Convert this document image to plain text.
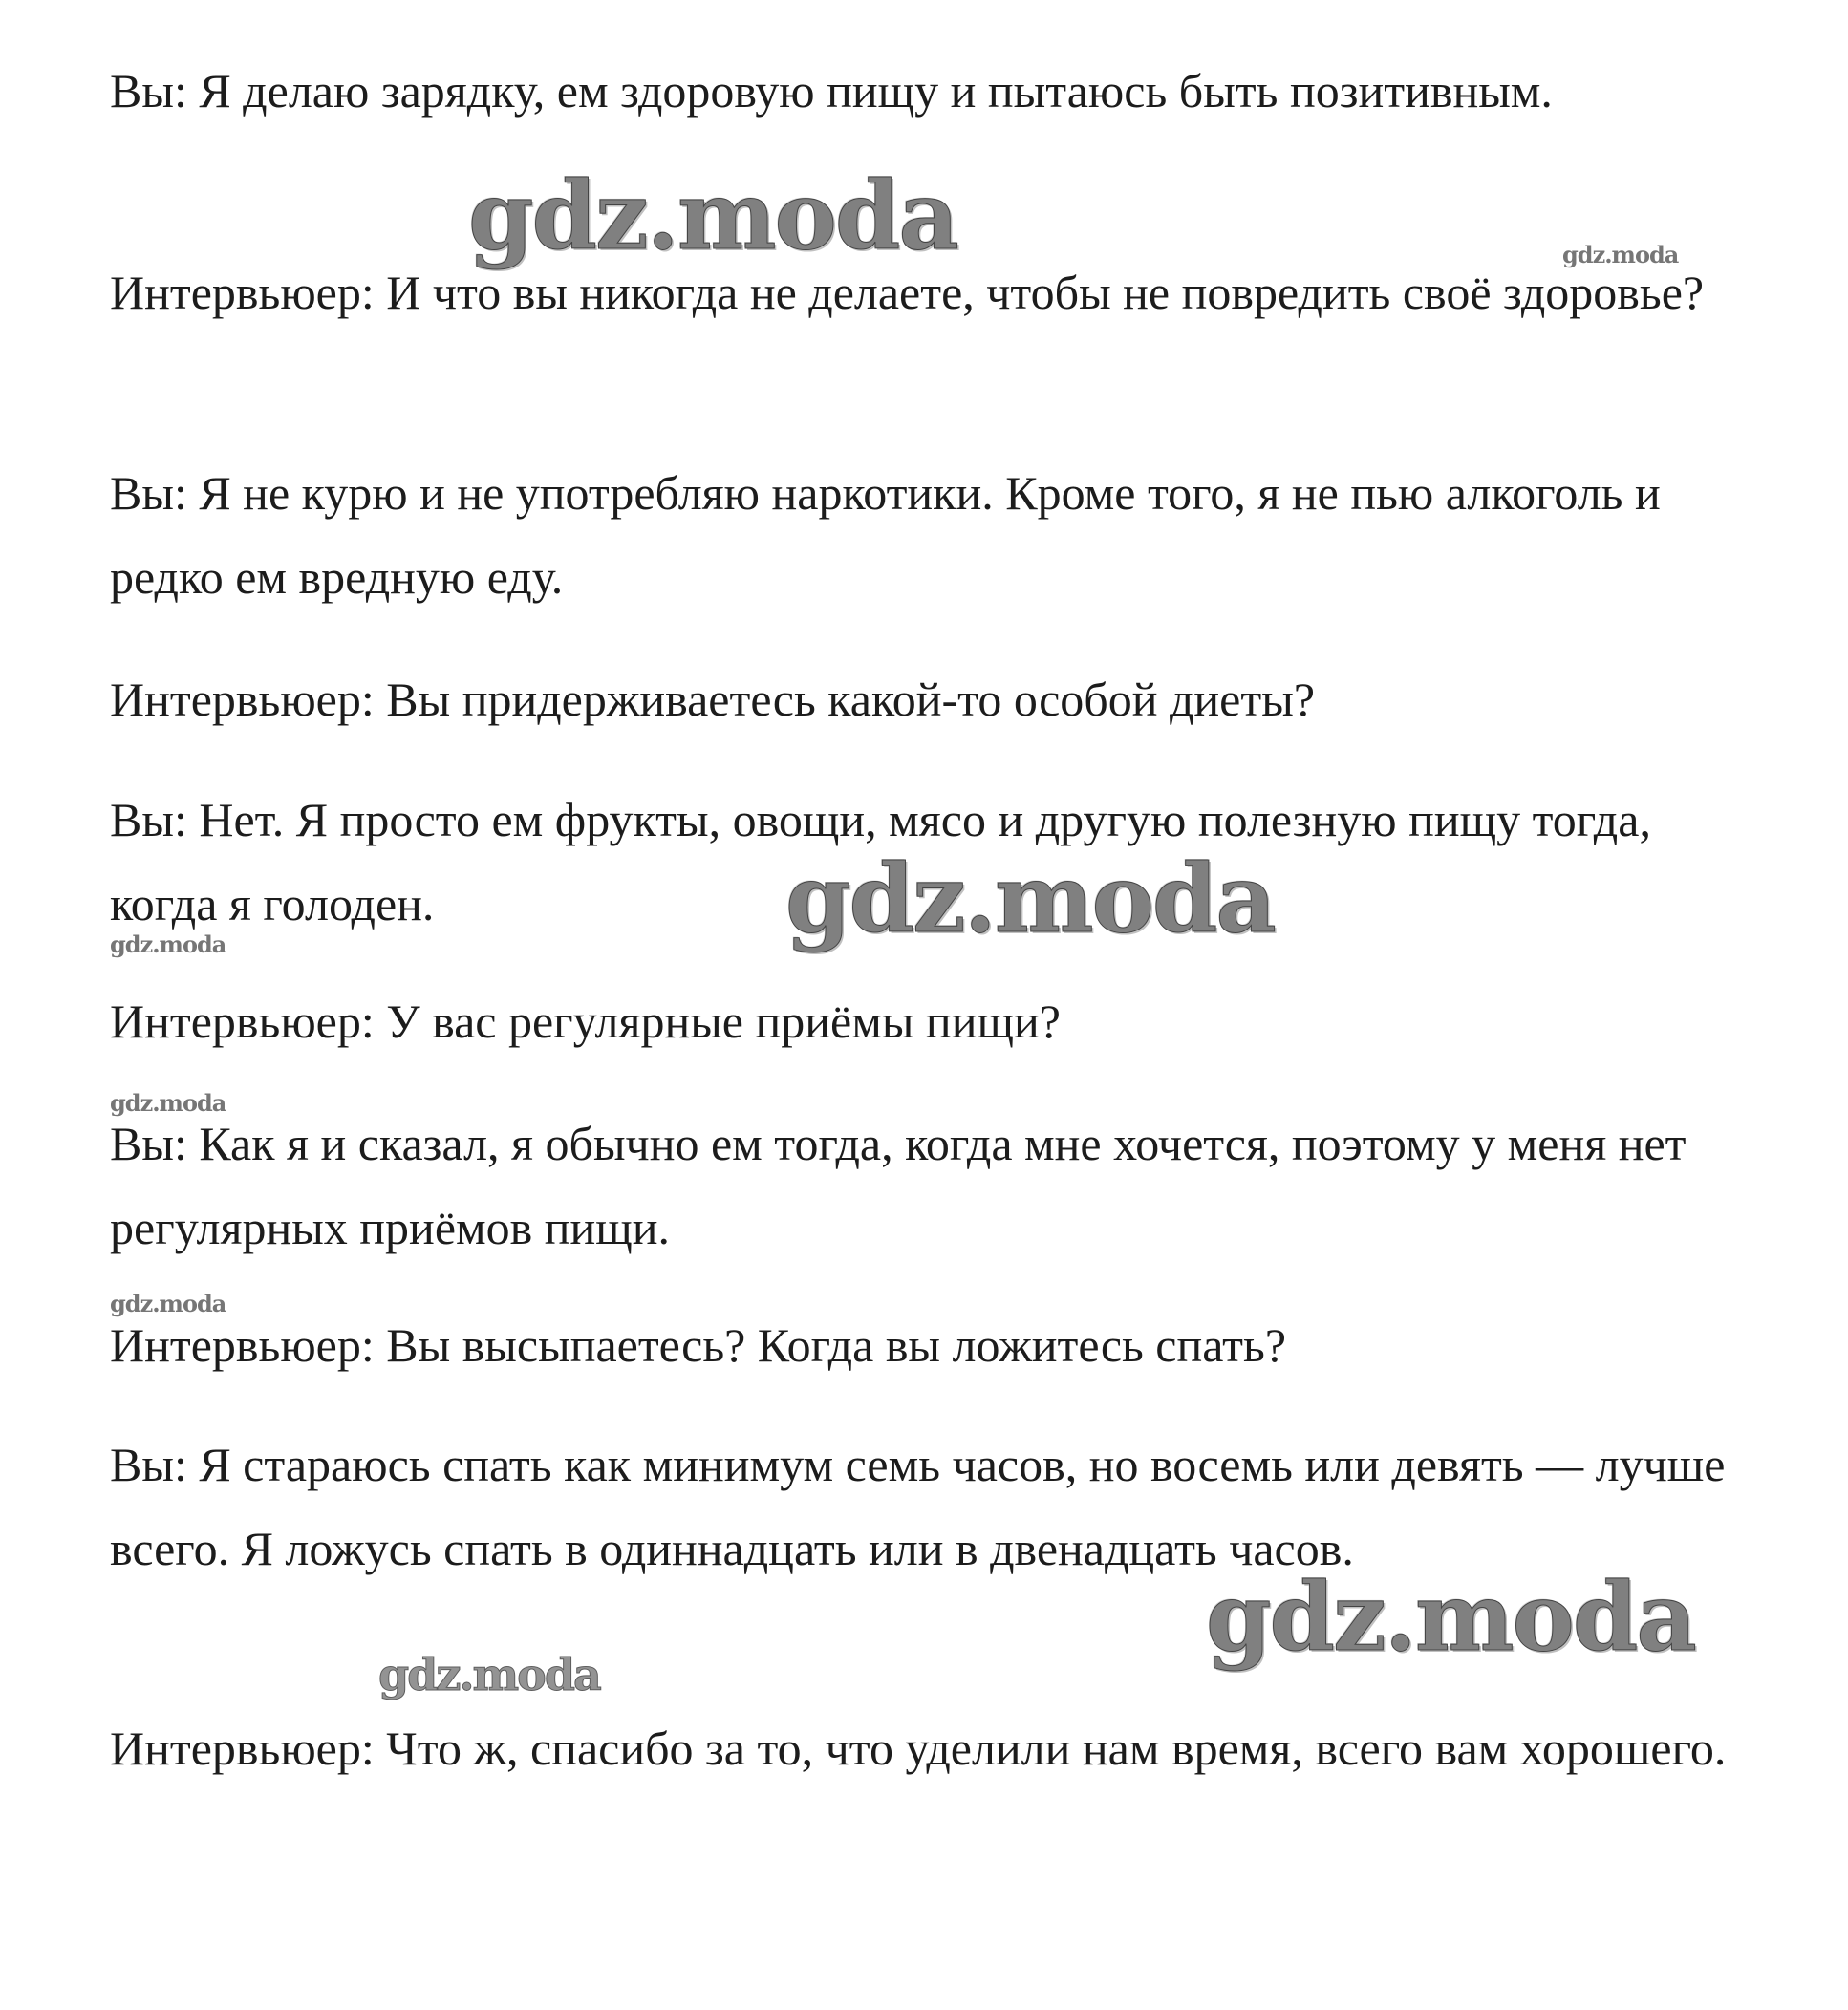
Вы: Я делаю зарядку, ем здоровую пищу и пытаюсь быть позитивным.

Интервьюер: И что вы никогда не делаете, чтобы не повредить своё здоровье?

Вы: Я не курю и не употребляю наркотики. Кроме того, я не пью алкоголь и редко ем вредную еду.

Интервьюер: Вы придерживаетесь какой-то особой диеты?

Вы: Нет. Я просто ем фрукты, овощи, мясо и другую полезную пищу тогда, когда я голоден.

Интервьюер: У вас регулярные приёмы пищи?

Вы: Как я и сказал, я обычно ем тогда, когда мне хочется, поэтому у меня нет регулярных приёмов пищи.

Интервьюер: Вы высыпаетесь? Когда вы ложитесь спать?

Вы: Я стараюсь спать как минимум семь часов, но восемь или девять — лучше всего. Я ложусь спать в одиннадцать или в двенадцать часов.

Интервьюер: Что ж, спасибо за то, что уделили нам время, всего вам хорошего.

gdz.moda	gdz.moda
gdz.moda
gdz.moda
gdz.moda
gdz.moda
gdz.moda
gdz.moda
